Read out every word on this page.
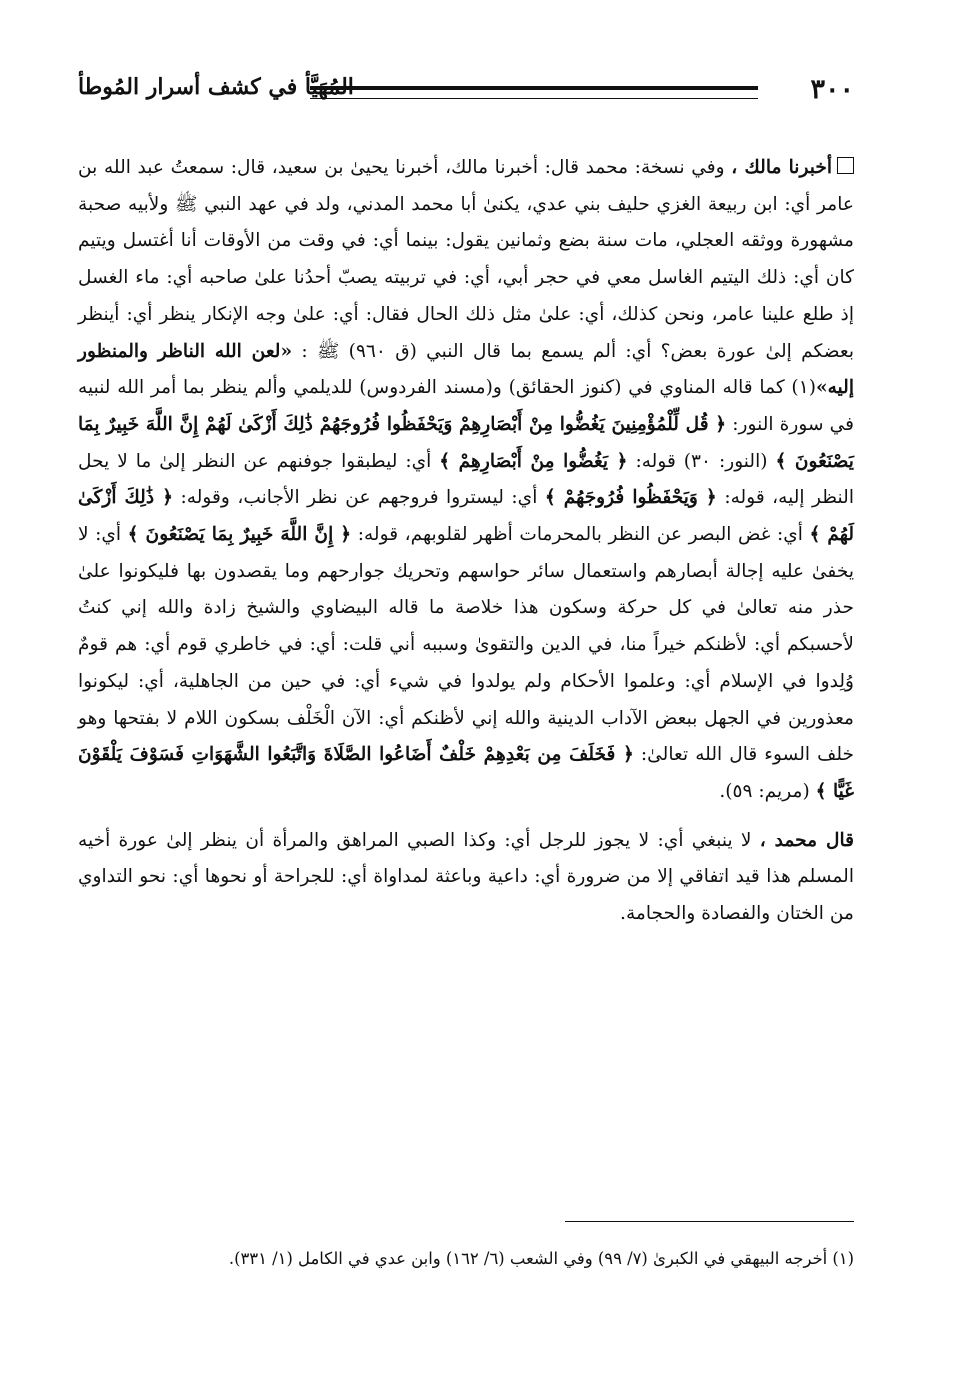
٣٠٠
المُهَيَّأ في كشف أسرار المُوطأ

أخبرنا مالك ، وفي نسخة: محمد قال: أخبرنا مالك، أخبرنا يحيىٰ بن سعيد، قال: سمعتُ عبد الله بن عامر أي: ابن ربيعة الغزي حليف بني عدي، يكنىٰ أبا محمد المدني، ولد في عهد النبي ﷺ ولأبيه صحبة مشهورة ووثقه العجلي، مات سنة بضع وثمانين يقول: بينما أي: في وقت من الأوقات أنا أغتسل ويتيم كان أي: ذلك اليتيم الغاسل معي في حجر أبي، أي: في تربيته يصبّ أحدُنا علىٰ صاحبه أي: ماء الغسل إذ طلع علينا عامر، ونحن كذلك، أي: علىٰ مثل ذلك الحال فقال: أي: علىٰ وجه الإنكار ينظر أي: أينظر بعضكم إلىٰ عورة بعض؟ أي: ألم يسمع بما قال النبي (ق ٩٦٠) ﷺ : «لعن الله الناظر والمنظور إليه»(١) كما قاله المناوي في (كنوز الحقائق) و(مسند الفردوس) للديلمي وألم ينظر بما أمر الله لنبيه في سورة النور: ﴿ قُل لِّلْمُؤْمِنِينَ يَغُضُّوا مِنْ أَبْصَارِهِمْ وَيَحْفَظُوا فُرُوجَهُمْ ذَٰلِكَ أَزْكَىٰ لَهُمْ إِنَّ اللَّهَ خَبِيرٌ بِمَا يَصْنَعُونَ ﴾ (النور: ٣٠) قوله: ﴿ يَغُضُّوا مِنْ أَبْصَارِهِمْ ﴾ أي: ليطبقوا جوفنهم عن النظر إلىٰ ما لا يحل النظر إليه، قوله: ﴿ وَيَحْفَظُوا فُرُوجَهُمْ ﴾ أي: ليستروا فروجهم عن نظر الأجانب، وقوله: ﴿ ذَٰلِكَ أَزْكَىٰ لَهُمْ ﴾ أي: غض البصر عن النظر بالمحرمات أظهر لقلوبهم، قوله: ﴿ إِنَّ اللَّهَ خَبِيرٌ بِمَا يَصْنَعُونَ ﴾ أي: لا يخفىٰ عليه إجالة أبصارهم واستعمال سائر حواسهم وتحريك جوارحهم وما يقصدون بها فليكونوا علىٰ حذر منه تعالىٰ في كل حركة وسكون هذا خلاصة ما قاله البيضاوي والشيخ زادة والله إني كنتُ لأحسبكم أي: لأظنكم خيراً منا، في الدين والتقوىٰ وسببه أني قلت: أي: في خاطري قوم أي: هم قومٌ وُلِدوا في الإسلام أي: وعلموا الأحكام ولم يولدوا في شيء أي: في حين من الجاهلية، أي: ليكونوا معذورين في الجهل ببعض الآداب الدينية والله إني لأظنكم أي: الآن الْخَلْف بسكون اللام لا بفتحها وهو خلف السوء قال الله تعالىٰ: ﴿ فَخَلَفَ مِن بَعْدِهِمْ خَلْفٌ أَضَاعُوا الصَّلَاةَ وَاتَّبَعُوا الشَّهَوَاتِ فَسَوْفَ يَلْقَوْنَ غَيًّا ﴾ (مريم: ٥٩).

قال محمد ، لا ينبغي أي: لا يجوز للرجل أي: وكذا الصبي المراهق والمرأة أن ينظر إلىٰ عورة أخيه المسلم هذا قيد اتفاقي إلا من ضرورة أي: داعية وباعثة لمداواة أي: للجراحة أو نحوها أي: نحو التداوي من الختان والفصادة والحجامة.

(١) أخرجه البيهقي في الكبرىٰ (٧/ ٩٩) وفي الشعب (٦/ ١٦٢) وابن عدي في الكامل (١/ ٣٣١).
